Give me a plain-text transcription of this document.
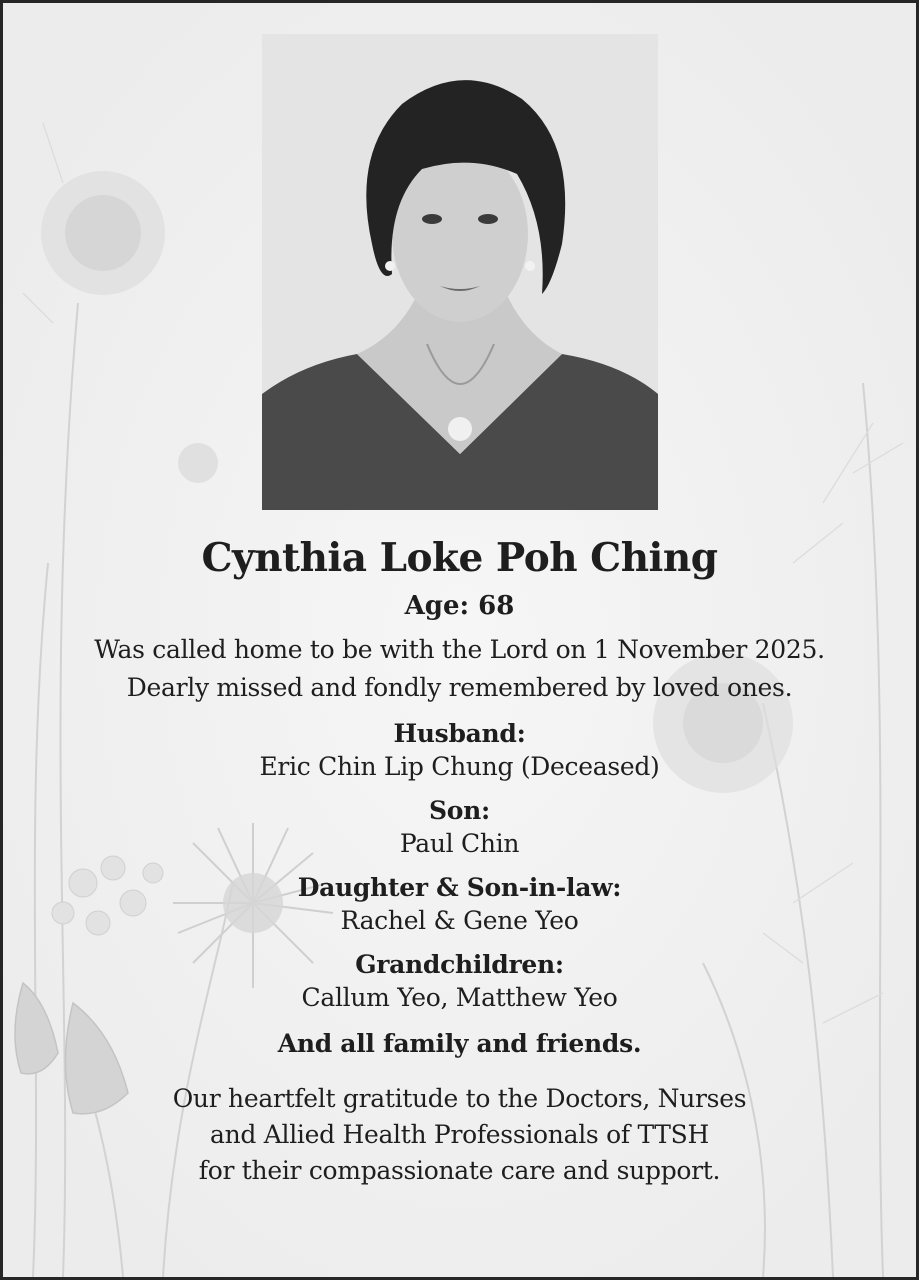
Cynthia Loke Poh Ching
Age: 68
Was called home to be with the Lord on 1 November 2025.
Dearly missed and fondly remembered by loved ones.
Husband:
Eric Chin Lip Chung (Deceased)
Son:
Paul Chin
Daughter & Son-in-law:
Rachel & Gene Yeo
Grandchildren:
Callum Yeo, Matthew Yeo
And all family and friends.
Our heartfelt gratitude to the Doctors, Nurses
and Allied Health Professionals of TTSH
for their compassionate care and support.
